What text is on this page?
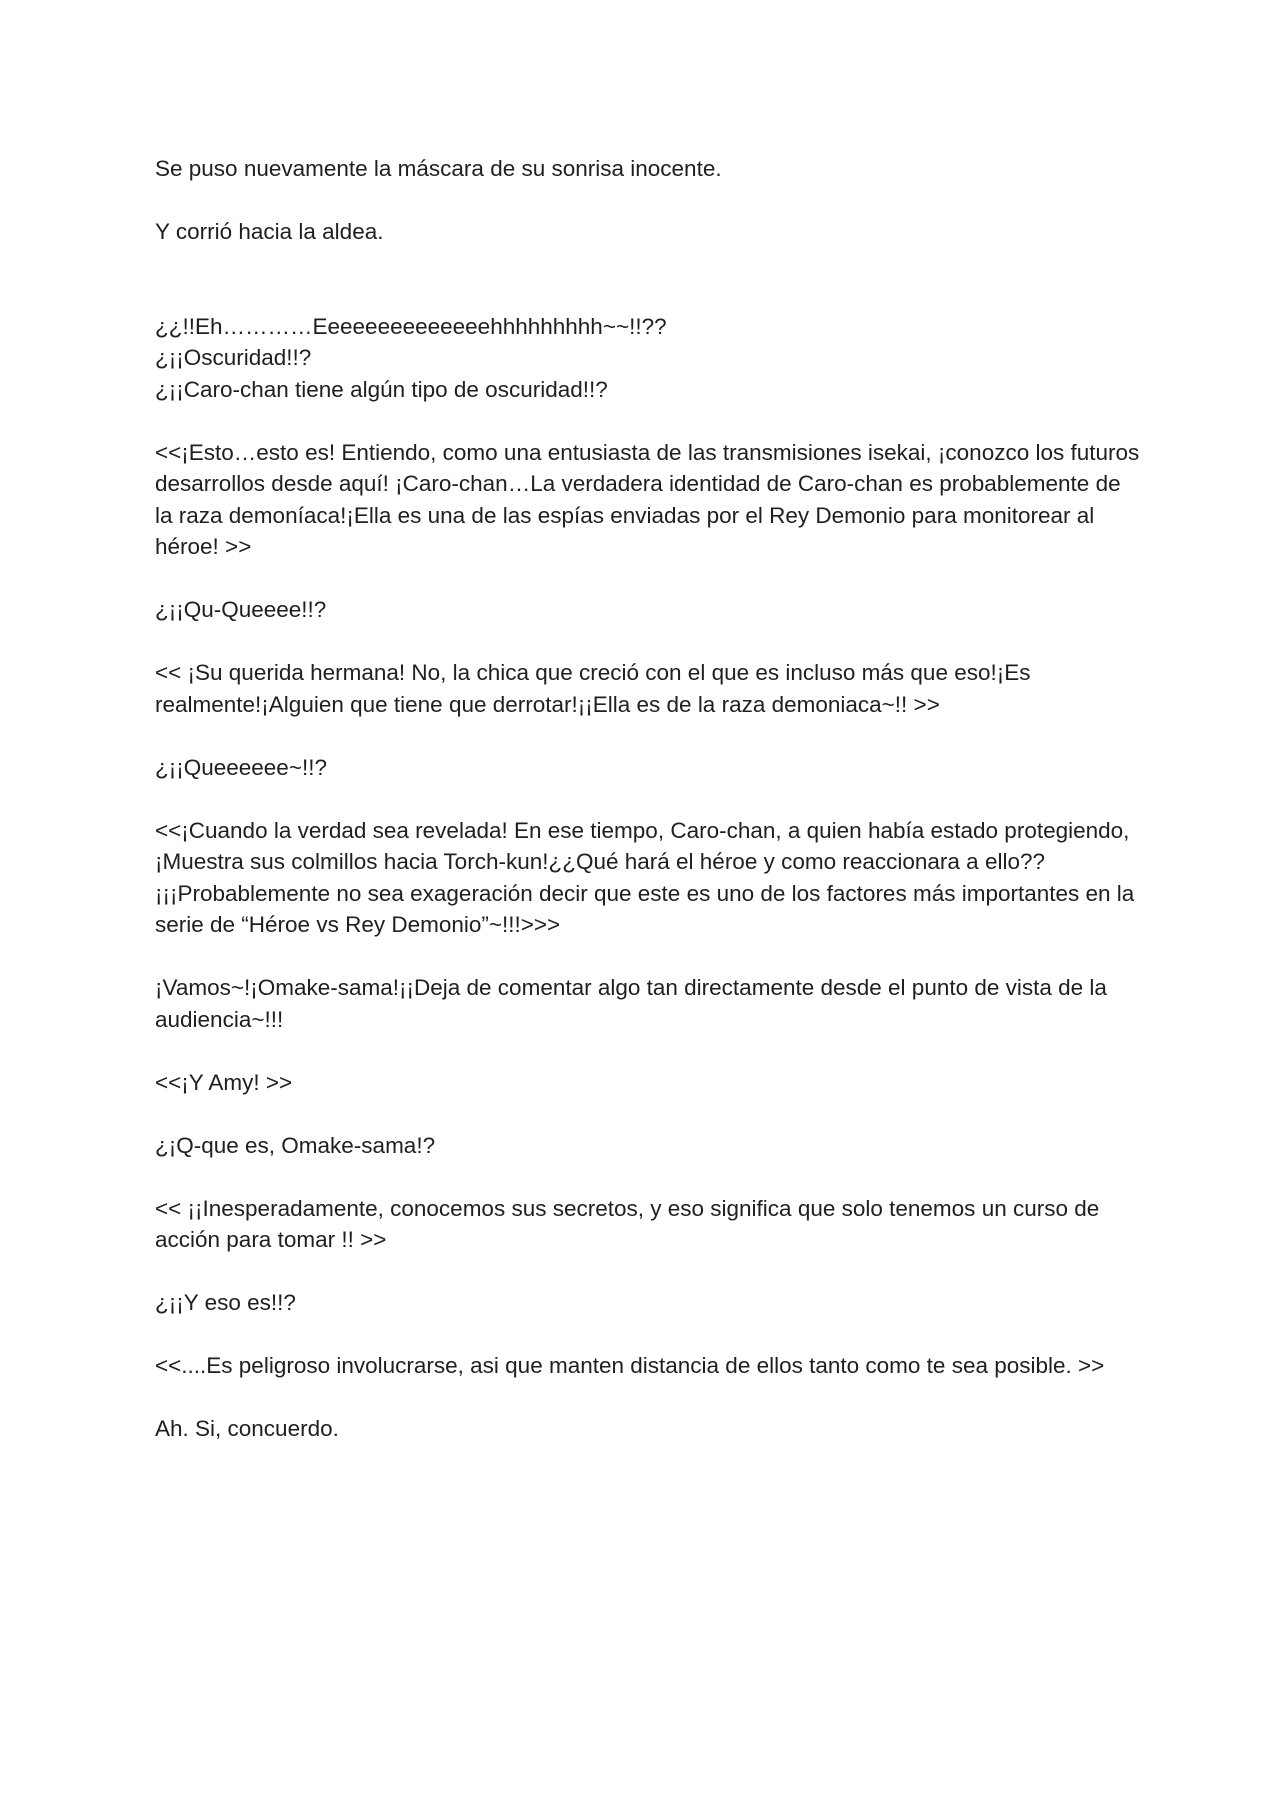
Se puso nuevamente la máscara de su sonrisa inocente.

Y corrió hacia la aldea.

¿¿!!Eh…………Eeeeeeeeeeeeeehhhhhhhhh~~!!??

¿¡¡Oscuridad!!?

¿¡¡Caro-chan tiene algún tipo de oscuridad!!?

<<¡Esto…esto es! Entiendo, como una entusiasta de las transmisiones isekai, ¡conozco los futuros desarrollos desde aquí! ¡Caro-chan…La verdadera identidad de Caro-chan es probablemente de la raza demoníaca!¡Ella es una de las espías enviadas por el Rey Demonio para monitorear al héroe! >>

¿¡¡Qu-Queeee!!?

<< ¡Su querida hermana! No, la chica que creció con el que es incluso más que eso!¡Es realmente!¡Alguien que tiene que derrotar!¡¡Ella es de la raza demoniaca~!! >>

¿¡¡Queeeeee~!!?

<<¡Cuando la verdad sea revelada! En ese tiempo, Caro-chan, a quien había estado protegiendo, ¡Muestra sus colmillos hacia Torch-kun!¿¿Qué hará el héroe y como reaccionara a ello??¡¡¡Probablemente no sea exageración decir que este es uno de los factores más importantes en la serie de “Héroe vs Rey Demonio”~!!!>>>

¡Vamos~!¡Omake-sama!¡¡Deja de comentar algo tan directamente desde el punto de vista de la audiencia~!!!

<<¡Y Amy! >>

¿¡Q-que es, Omake-sama!?

<< ¡¡Inesperadamente, conocemos sus secretos, y eso significa que solo tenemos un curso de acción para tomar !! >>

¿¡¡Y eso es!!?

<<....Es peligroso involucrarse, asi que manten distancia de ellos tanto como te sea posible. >>

Ah. Si, concuerdo.
